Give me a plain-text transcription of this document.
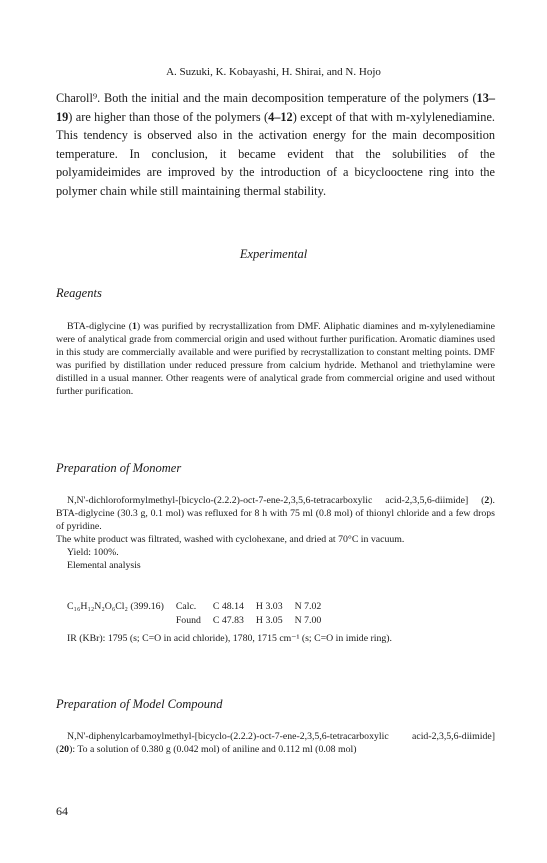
A. Suzuki, K. Kobayashi, H. Shirai, and N. Hojo

Charoll⁹. Both the initial and the main decomposition temperature of the polymers (13–19) are higher than those of the polymers (4–12) except of that with m-xylylenediamine. This tendency is observed also in the activation energy for the main decomposition temperature. In conclusion, it became evident that the solubilities of the polyamideimides are improved by the introduction of a bicyclooctene ring into the polymer chain while still maintaining thermal stability.

Experimental
Reagents

BTA-diglycine (1) was purified by recrystallization from DMF. Aliphatic diamines and m-xylylenediamine were of analytical grade from commercial origin and used without further purification. Aromatic diamines used in this study are commercially available and were purified by recrystallization to constant melting points. DMF was purified by distillation under reduced pressure from calcium hydride. Methanol and triethylamine were distilled in a usual manner. Other reagents were of analytical grade from commercial origine and used without further purification.

Preparation of Monomer

N,N'-dichloroformylmethyl-[bicyclo-(2.2.2)-oct-7-ene-2,3,5,6-tetracarboxylic acid-2,3,5,6-diimide] (2). BTA-diglycine (30.3 g, 0.1 mol) was refluxed for 8 h with 75 ml (0.8 mol) of thionyl chloride and a few drops of pyridine.

The white product was filtrated, washed with cyclohexane, and dried at 70°C in vacuum.

Yield: 100%.

Elemental analysis

C₁₆H₁₂N₂O₆Cl₂ (399.16)	Calc.	C 48.14	H 3.03	N 7.02
	Found	C 47.83	H 3.05	N 7.00

IR (KBr): 1795 (s; C=O in acid chloride), 1780, 1715 cm⁻¹ (s; C=O in imide ring).

Preparation of Model Compound

N,N'-diphenylcarbamoylmethyl-[bicyclo-(2.2.2)-oct-7-ene-2,3,5,6-tetracarboxylic acid-2,3,5,6-diimide] (20): To a solution of 0.380 g (0.042 mol) of aniline and 0.112 ml (0.08 mol)

64
